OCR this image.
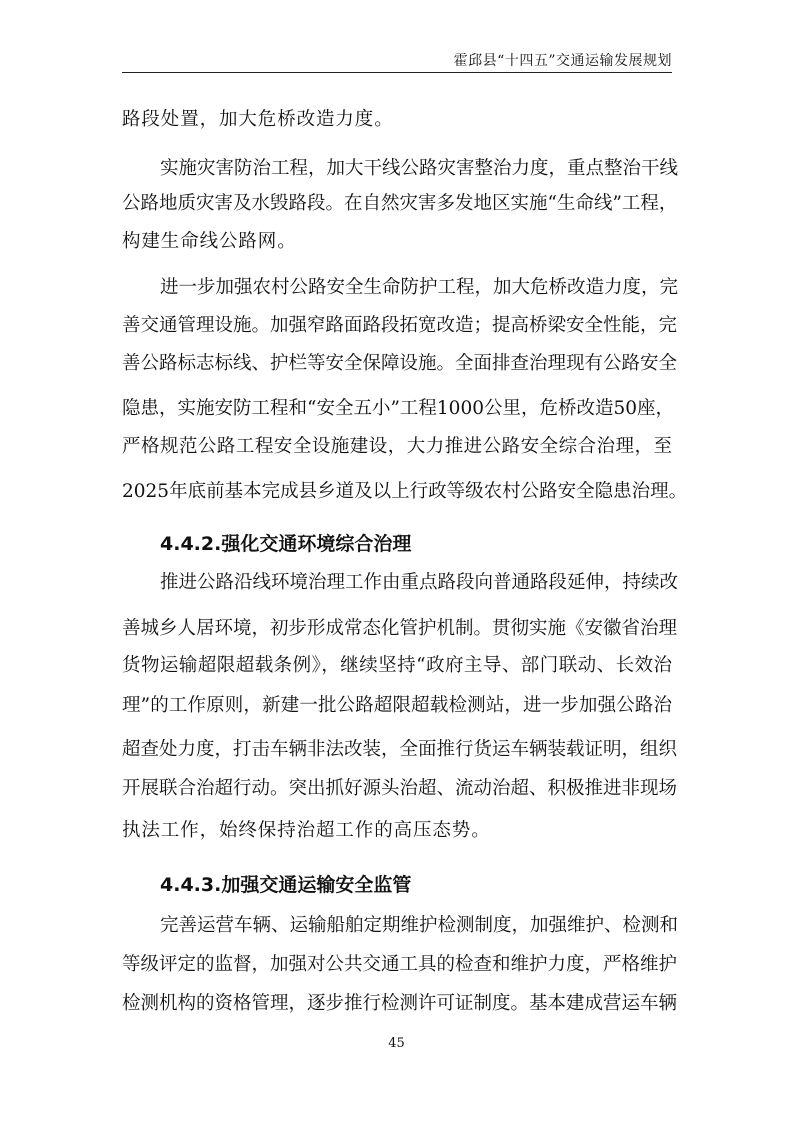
霍邱县“十四五”交通运输发展规划
路段处置，加大危桥改造力度。
实施灾害防治工程，加大干线公路灾害整治力度，重点整治干线
公路地质灾害及水毁路段。在自然灾害多发地区实施“生命线”工程，
构建生命线公路网。
进一步加强农村公路安全生命防护工程，加大危桥改造力度，完
善交通管理设施。加强窄路面路段拓宽改造；提高桥梁安全性能，完
善公路标志标线、护栏等安全保障设施。全面排查治理现有公路安全
隐患，实施安防工程和“安全五小”工程1000公里，危桥改造50座，
严格规范公路工程安全设施建设，大力推进公路安全综合治理，至
2025年底前基本完成县乡道及以上行政等级农村公路安全隐患治理。
4.4.2.强化交通环境综合治理
推进公路沿线环境治理工作由重点路段向普通路段延伸，持续改
善城乡人居环境，初步形成常态化管护机制。贯彻实施《安徽省治理
货物运输超限超载条例》，继续坚持“政府主导、部门联动、长效治
理”的工作原则，新建一批公路超限超载检测站，进一步加强公路治
超查处力度，打击车辆非法改装，全面推行货运车辆装载证明，组织
开展联合治超行动。突出抓好源头治超、流动治超、积极推进非现场
执法工作，始终保持治超工作的高压态势。
4.4.3.加强交通运输安全监管
完善运营车辆、运输船舶定期维护检测制度，加强维护、检测和
等级评定的监督，加强对公共交通工具的检查和维护力度，严格维护
检测机构的资格管理，逐步推行检测许可证制度。基本建成营运车辆
45
